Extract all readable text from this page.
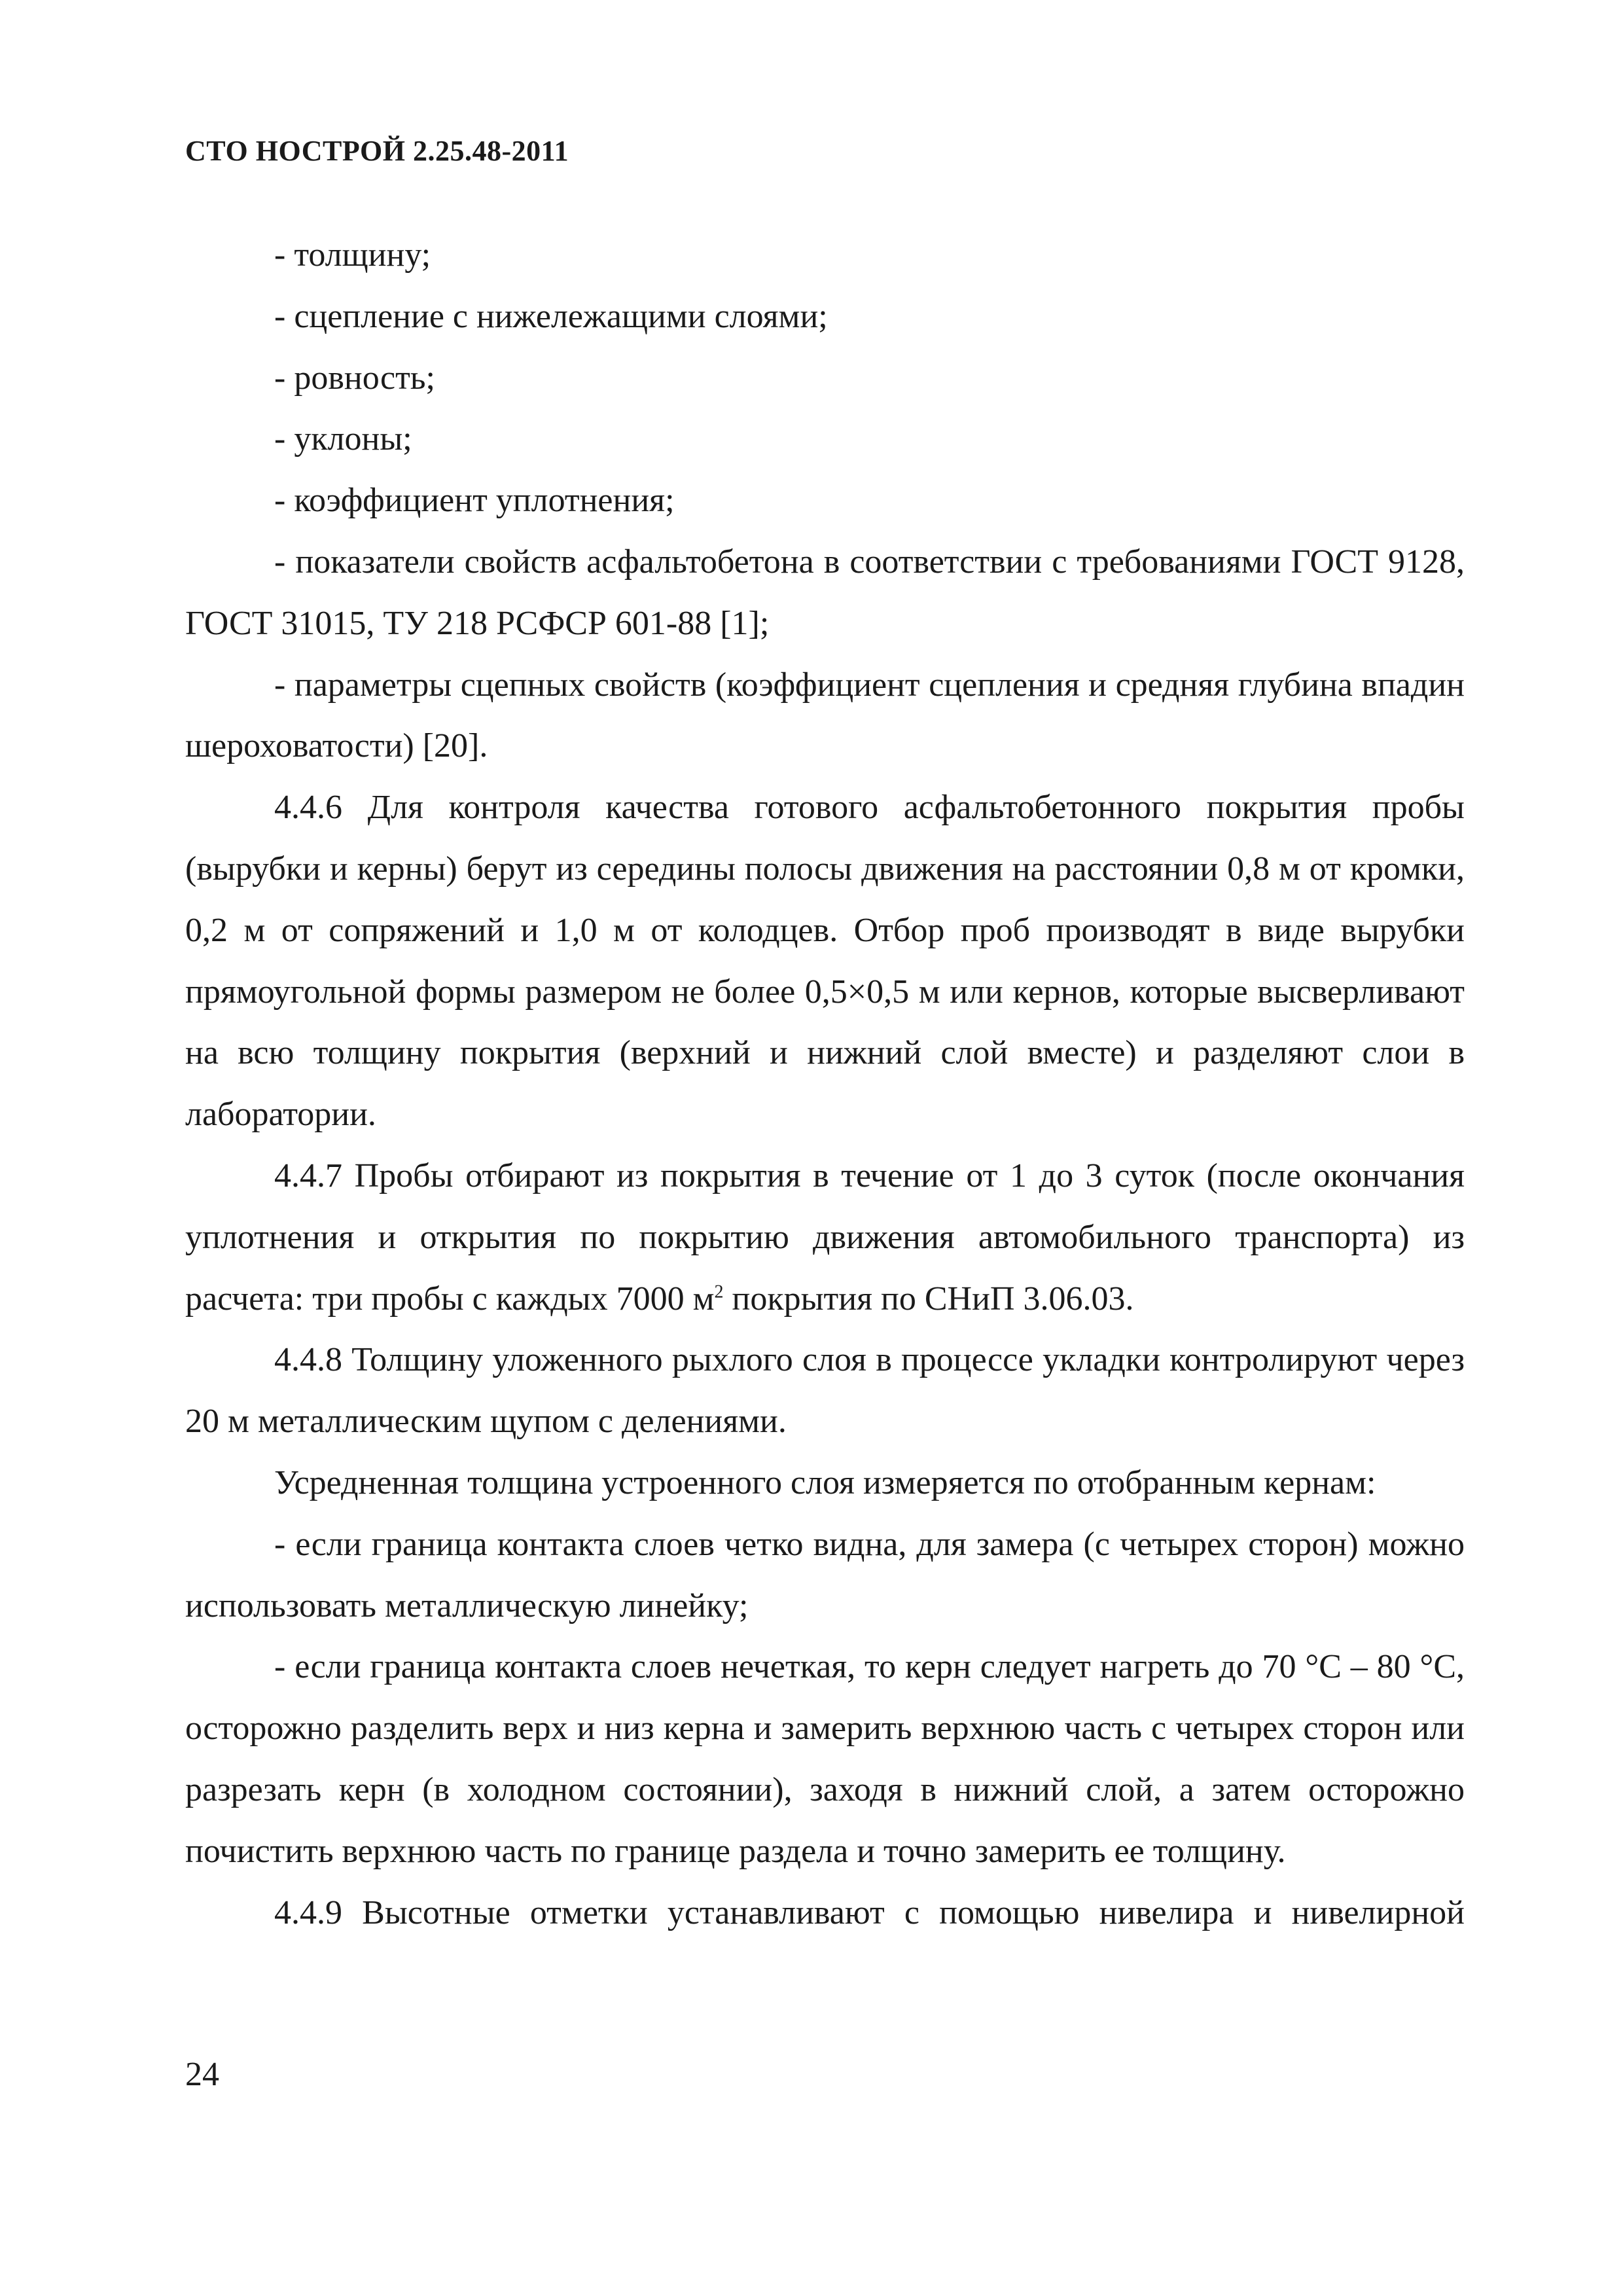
СТО НОСТРОЙ 2.25.48-2011

- толщину;

- сцепление с нижележащими слоями;

- ровность;

- уклоны;

- коэффициент уплотнения;

- показатели свойств асфальтобетона в соответствии с требованиями ГОСТ 9128, ГОСТ 31015, ТУ 218 РСФСР 601-88 [1];

- параметры сцепных свойств (коэффициент сцепления и средняя глубина впадин шероховатости) [20].

4.4.6 Для контроля качества готового асфальтобетонного покрытия пробы (вырубки и керны) берут из середины полосы движения на расстоянии 0,8 м от кромки, 0,2 м от сопряжений и 1,0 м от колодцев. Отбор проб производят в виде вырубки прямоугольной формы размером не более 0,5×0,5 м или кернов, которые высверливают на всю толщину покрытия (верхний и нижний слой вместе) и разделяют слои в лаборатории.

4.4.7 Пробы отбирают из покрытия в течение от 1 до 3 суток (после окончания уплотнения и открытия по покрытию движения автомобильного транспорта) из расчета: три пробы с каждых 7000 $м^2$ покрытия по СНиП 3.06.03.

4.4.8 Толщину уложенного рыхлого слоя в процессе укладки контролируют через 20 м металлическим щупом с делениями.

Усредненная толщина устроенного слоя измеряется по отобранным кернам:

- если граница контакта слоев четко видна, для замера (с четырех сторон) можно использовать металлическую линейку;

- если граница контакта слоев нечеткая, то керн следует нагреть до 70 °С – 80 °С, осторожно разделить верх и низ керна и замерить верхнюю часть с четырех сторон или разрезать керн (в холодном состоянии), заходя в нижний слой, а затем осторожно почистить верхнюю часть по границе раздела и точно замерить ее толщину.

4.4.9 Высотные отметки устанавливают с помощью нивелира и нивелирной

24
